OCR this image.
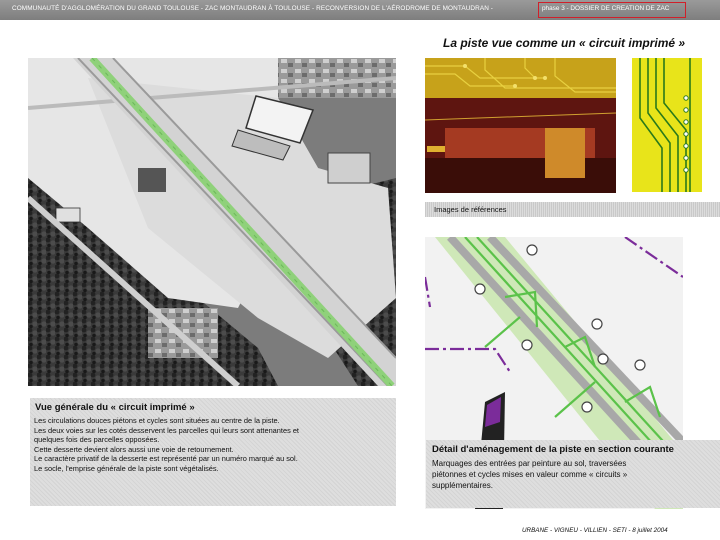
COMMUNAUTÉ D'AGGLOMÉRATION DU GRAND TOULOUSE - ZAC MONTAUDRAN À TOULOUSE - RECONVERSION DE L'AÉRODROME DE MONTAUDRAN -	phase 3 - DOSSIER DE CREATION DE ZAC
La piste vue comme un « circuit imprimé »
Images de références
Vue générale du « circuit imprimé »
Les circulations douces piétons et cycles sont situées au centre de la piste.
Les deux voies sur les cotés desservent les parcelles qui leurs sont attenantes et
quelques fois des parcelles opposées.
Cette desserte devient alors aussi une voie de retournement.
Le caractère privatif de la desserte est représenté par un numéro marqué au sol.
Le socle, l'emprise générale de la piste sont végétalisés.
Détail d'aménagement de la piste en section courante
Marquages des entrées par peinture au sol, traversées
piétonnes et cycles mises en valeur comme « circuits »
supplémentaires.
URBANE - VIGNEU - VILLIEN - SETI - 8 juillet 2004
